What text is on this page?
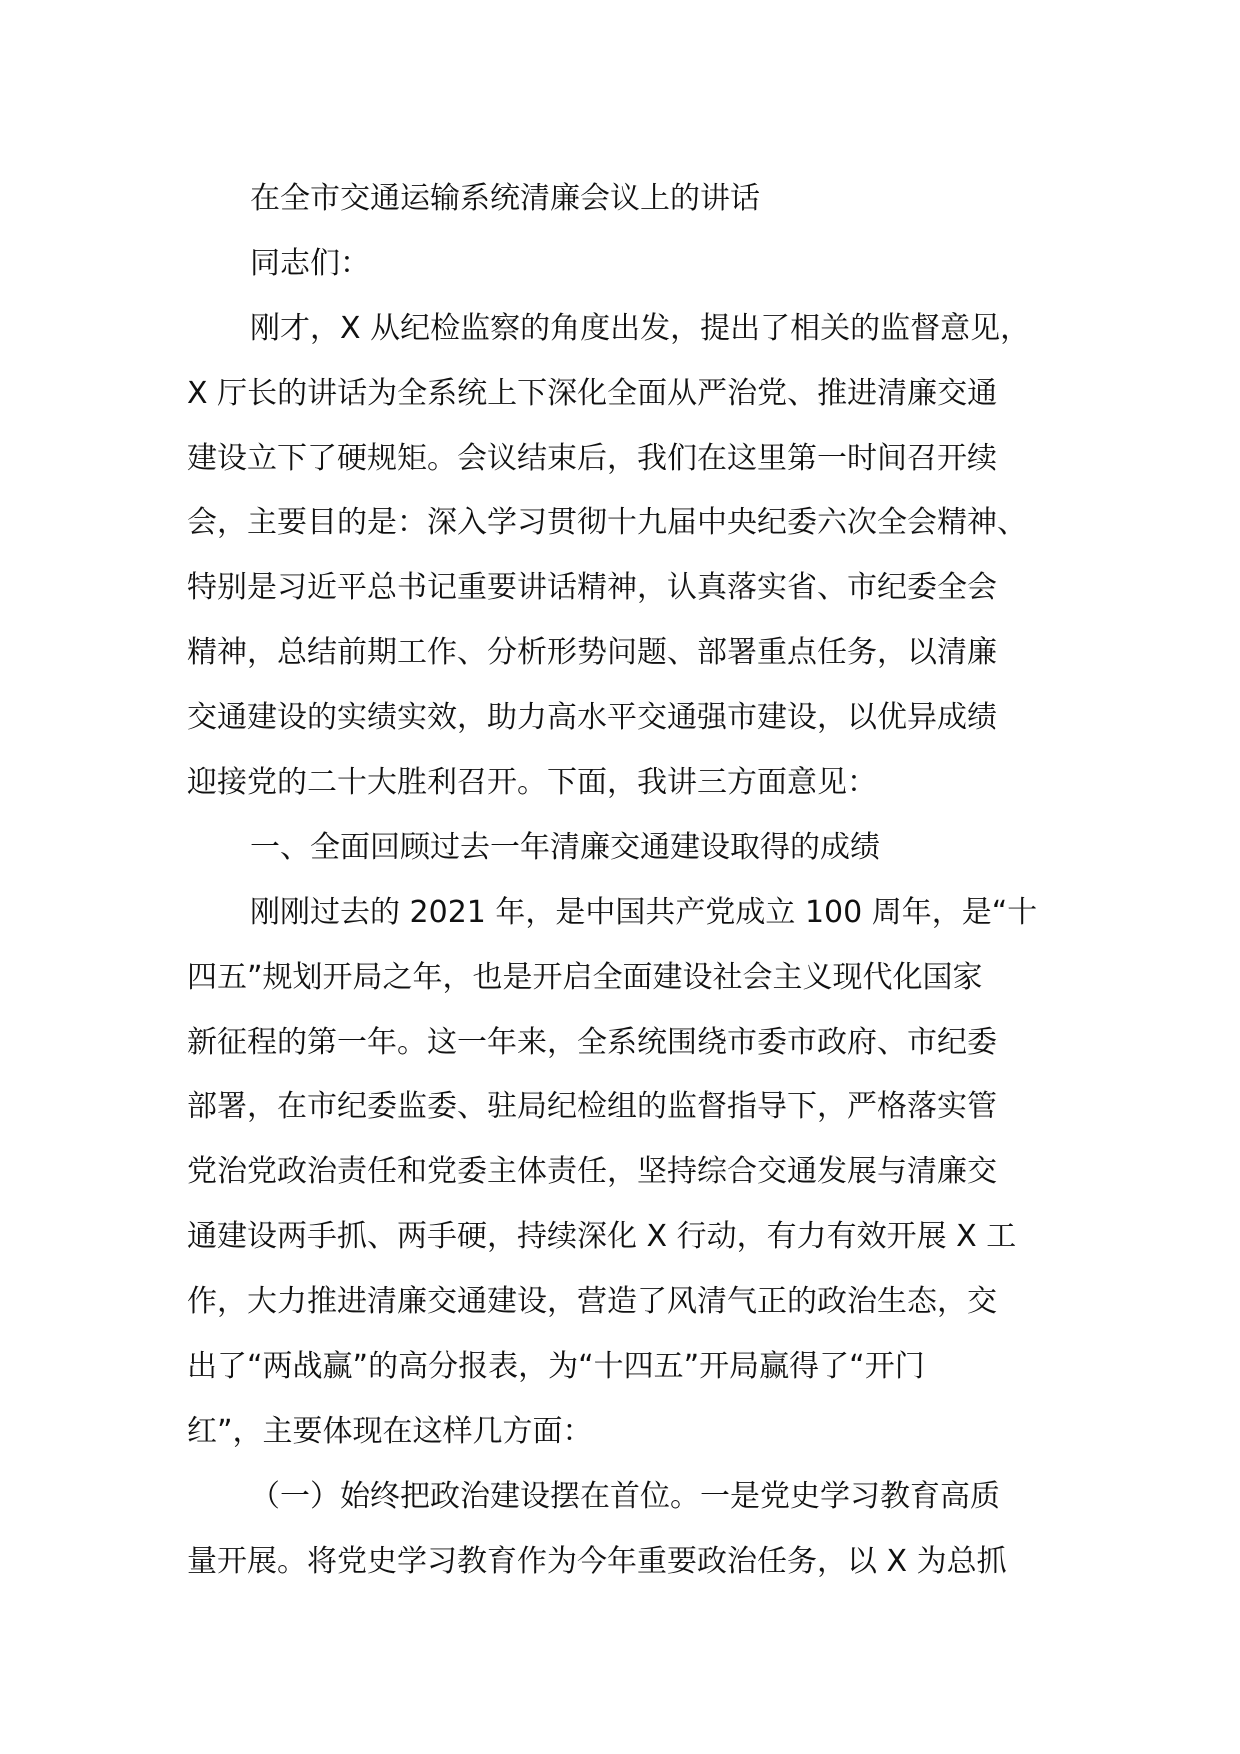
在全市交通运输系统清廉会议上的讲话
同志们：
刚才，X 从纪检监察的角度出发，提出了相关的监督意见，
X 厅长的讲话为全系统上下深化全面从严治党、推进清廉交通
建设立下了硬规矩。会议结束后，我们在这里第一时间召开续
会，主要目的是：深入学习贯彻十九届中央纪委六次全会精神、
特别是习近平总书记重要讲话精神，认真落实省、市纪委全会
精神，总结前期工作、分析形势问题、部署重点任务，以清廉
交通建设的实绩实效，助力高水平交通强市建设，以优异成绩
迎接党的二十大胜利召开。下面，我讲三方面意见：
一、全面回顾过去一年清廉交通建设取得的成绩
刚刚过去的 2021 年，是中国共产党成立 100 周年，是“十
四五”规划开局之年，也是开启全面建设社会主义现代化国家
新征程的第一年。这一年来，全系统围绕市委市政府、市纪委
部署，在市纪委监委、驻局纪检组的监督指导下，严格落实管
党治党政治责任和党委主体责任，坚持综合交通发展与清廉交
通建设两手抓、两手硬，持续深化 X 行动，有力有效开展 X 工
作，大力推进清廉交通建设，营造了风清气正的政治生态，交
出了“两战赢”的高分报表，为“十四五”开局赢得了“开门
红”，主要体现在这样几方面：
（一）始终把政治建设摆在首位。一是党史学习教育高质
量开展。将党史学习教育作为今年重要政治任务，以 X 为总抓
